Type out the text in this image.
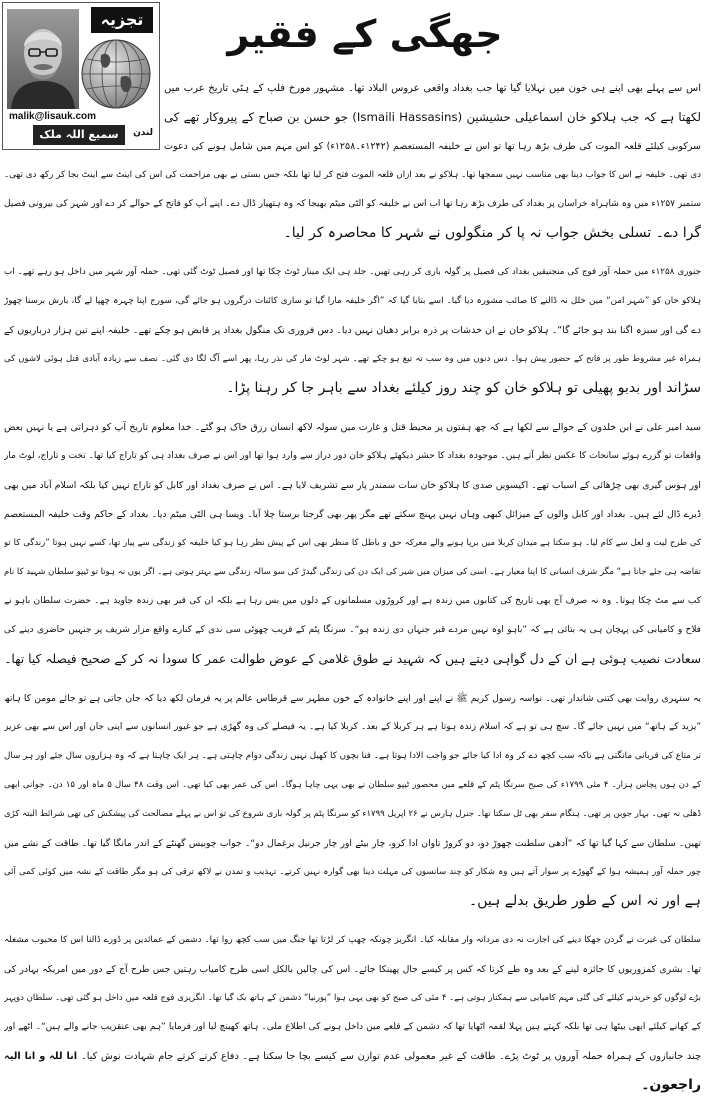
تجزیہ
malik@lisauk.com
سمیع اللہ ملک	لندن
جھگی کے فقیر
اس سے پہلے بھی اپنے ہی خون میں نہلایا گیا تھا جب بغداد واقعی عروس البلاد تھا۔ مشہور مورخ فلپ کے ہٹی تاریخ عرب میں
لکھتا ہے کہ جب ہلاکو خان اسماعیلی حشیشین (Ismaili Hassasins) جو حسن بن صباح کے پیروکار تھے کی
سرکوبی کیلئے قلعہ الموت کی طرف بڑھ رہا تھا تو اس نے خلیفہ المستعصم (۱۲۴۲ء۔۱۲۵۸ء) کو اس مہم میں شامل ہونے کی دعوت
دی تھی۔ خلیفہ نے اس کا جواب دینا بھی مناسب نہیں سمجھا تھا۔ ہلاکو نے بعد ازاں قلعہ الموت فتح کر لیا تھا بلکہ جس بستی نے بھی مزاحمت کی اس کی اینٹ سے اینٹ بجا کر رکھ دی تھی۔
ستمبر ۱۲۵۷ء میں وہ شاہراہ خراسان پر بغداد کی طرف بڑھ رہا تھا اب اس نے خلیفہ کو الٹی میٹم بھیجا کہ وہ ہتھیار ڈال دے۔ اپنے آپ کو فاتح کے حوالے کر دے اور شہر کی بیرونی فصیل
گرا دے۔ تسلی بخش جواب نہ پا کر منگولوں نے شہر کا محاصرہ کر لیا۔
جنوری ۱۲۵۸ء میں حملہ آور فوج کی منجنیقیں بغداد کی فصیل پر گولہ باری کر رہی تھیں۔ جلد ہی ایک مینار ٹوٹ چکا تھا اور فصیل ٹوٹ گئی تھی۔ حملہ آور شہر میں داخل ہو رہے تھے۔ اب
ہلاکو خان کو ”شہر امن“ میں خلل نہ ڈالنے کا صائب مشورہ دیا گیا۔ اسے بتایا گیا کہ ”اگر خلیفہ مارا گیا تو ساری کائنات درگروں ہو جائے گی، سورج اپنا چہرہ چھپا لے گا، بارش برسنا چھوڑ
دے گی اور سبزہ اگنا بند ہو جائے گا“۔ ہلاکو خان نے ان خدشات پر ذرہ برابر دھیان نہیں دیا۔ دس فروری تک منگول بغداد پر قابض ہو چکے تھے۔ خلیفہ اپنے تین ہزار درباریوں کے
ہمراہ غیر مشروط طور پر فاتح کے حضور پیش ہوا۔ دس دنوں میں وہ سب تہ تیغ ہو چکے تھے۔ شہر لوٹ مار کی نذر رہا، پھر اسے آگ لگا دی گئی۔ نصف سے زیادہ آبادی قتل ہوئی لاشوں کی
سڑاند اور بدبو پھیلی تو ہلاکو خان کو چند روز کیلئے بغداد سے باہر جا کر رہنا پڑا۔
سید امیر علی نے ابن خلدون کے حوالے سے لکھا ہے کہ چھ ہفتوں پر محیط قتل و غارت میں سولہ لاکھ انسان رزق خاک ہو گئے۔ خدا معلوم تاریخ آپ کو دہراتی ہے یا نہیں بعض
واقعات تو گزرے ہوئے سانحات کا عکس نظر آتے ہیں۔ موجودہ بغداد کا حشر دیکھئے ہلاکو خان دور دراز سے وارد ہوا تھا اور اس نے صرف بغداد ہی کو تاراج کیا تھا۔ تخت و تاراج، لوٹ مار
اور ہوس گیری بھی چڑھائی کے اسباب تھے۔ اکیسویں صدی کا ہلاکو خان سات سمندر پار سے تشریف لایا ہے۔ اس نے صرف بغداد اور کابل کو تاراج نہیں کیا بلکہ اسلام آباد میں بھی
ڈیرے ڈال لئے ہیں۔ بغداد اور کابل والوں کے میزائل کبھی وہاں نہیں پہنچ سکتے تھے مگر پھر بھی گرجتا برستا چلا آیا۔ ویسا ہی الٹی میٹم دیا۔ بغداد کے حاکم وقت خلیفہ المستعصم
کی طرح لیت و لعل سے کام لیا۔ ہو سکتا ہے میدان کربلا میں برپا ہونے والے معرکہ حق و باطل کا منظر بھی اس کے پیش نظر رہا ہو کیا خلیفہ کو زندگی سے پیار تھا، کسے نہیں ہوتا ”زندگی کا تو
تقاضہ ہی جئے جانا ہے“ مگر شرف انسانی کا اپنا معیار ہے۔ اسی کی میزان میں شیر کی ایک دن کی زندگی گیدڑ کی سو سالہ زندگی سے بہتر ہوتی ہے۔ اگر یوں نہ ہوتا تو ٹیپو سلطان شہید کا نام
کب سے مٹ چکا ہوتا۔ وہ نہ صرف آج بھی تاریخ کی کتابوں میں زندہ ہے اور کروڑوں مسلمانوں کے دلوں میں بس رہا ہے بلکہ ان کی قبر بھی زندہ جاوید ہے۔ حضرت سلطان باہو نے
فلاح و کامیابی کی پہچان ہی یہ بتائی ہے کہ ”باہو اوہ نہیں مردے قبر جنہاں دی زندہ ہو“۔ سرنگا پٹم کے قریب چھوٹی سی ندی کے کنارے واقع مزار شریف پر جنہیں حاضری دینے کی
سعادت نصیب ہوئی ہے ان کے دل گواہی دیتے ہیں کہ شہید نے طوق غلامی کے عوض طوالت عمر کا سودا نہ کر کے صحیح فیصلہ کیا تھا۔
یہ سنہری روایت بھی کتنی شاندار تھی۔ نواسہ رسول کریم ﷺ نے اپنے اور اپنے خانوادہ کے خون مطہر سے قرطاس عالم پر یہ فرمان لکھ دیا کہ جان جاتی ہے تو جائے مومن کا ہاتھ
”یزید کے ہاتھ“ میں نہیں جائے گا۔ سچ ہی تو ہے کہ اسلام زندہ ہوتا ہے ہر کربلا کے بعد۔ کربلا کیا ہے۔ یہ فیصلے کی وہ گھڑی ہے جو غیور انسانوں سے اپنی جان اور اس سے بھی عزیز
تر متاع کی قربانی مانگتی ہے تاکہ سب کچھ دے کر وہ ادا کیا جائے جو واجب الادا ہوتا ہے۔ فنا بچوں کا کھیل نہیں زندگی دوام چاہتی ہے۔ ہر ایک چاہتا ہے کہ وہ ہزاروں سال جئے اور ہر سال
کے دن ہوں پچاس ہزار۔ ۴ مئی ۱۷۹۹ء کی صبح سرنگا پٹم کے قلعے میں محصور ٹیپو سلطان نے بھی یہی چاہا ہوگا۔ اس کی عمر بھی کیا تھی۔ اس وقت ۴۸ سال ۵ ماہ اور ۱۵ دن۔ جوانی ابھی
ڈھلی نہ تھی۔ بہار جوبن پر تھی۔ ہنگام سفر بھی ٹل سکتا تھا۔ جنرل ہارس نے ۲۶ اپریل ۱۷۹۹ء کو سرنگا پٹم پر گولہ باری شروع کی تو اس نے پہلے مصالحت کی پیشکش کی تھی شرائط البتہ کڑی
تھیں۔ سلطان سے کہا گیا تھا کہ ”آدھی سلطنت چھوڑ دو، دو کروڑ تاوان ادا کرو، چار بیٹے اور چار جرنیل یرغمال دو“۔ جواب چوبیس گھنٹے کے اندر مانگا گیا تھا۔ طاقت کے نشے میں
چور حملہ آور ہمیشہ ہوا کے گھوڑے پر سوار آتے ہیں وہ شکار کو چند سانسوں کی مہلت دینا بھی گوارہ نہیں کرتے۔ تہذیب و تمدن نے لاکھ ترقی کی ہو مگر طاقت کے نشہ میں کوئی کمی آئی
ہے اور نہ اس کے طور طریق بدلے ہیں۔
سلطان کی غیرت نے گردن جھکا دینے کی اجازت نہ دی مردانہ وار مقابلہ کیا۔ انگریز چونکہ چھپ کر لڑتا تھا جنگ میں سب کچھ روا تھا۔ دشمن کے عمائدین پر ڈورے ڈالنا اس کا محبوب مشغلہ
تھا۔ بشری کمزوریوں کا جائزہ لینے کے بعد وہ طے کرتا کہ کس پر کیسے جال پھینکا جائے۔ اس کی چالیں بالکل اسی طرح کامیاب رہتیں جس طرح آج کے دور میں امریکہ بہادر کی
بڑے لوگوں کو خریدنے کیلئے کی گئی مہم کامیابی سے ہمکنار ہوتی ہے۔ ۴ مئی کی صبح کو بھی یہی ہوا ”پورنیا“ دشمن کے ہاتھ بک گیا تھا۔ انگریزی فوج قلعہ میں داخل ہو گئی تھی۔ سلطان دوپہر
کے کھانے کیلئے ابھی بیٹھا ہی تھا بلکہ کہتے ہیں پہلا لقمہ اٹھایا تھا کہ دشمن کے قلعے میں داخل ہونے کی اطلاع ملی۔ ہاتھ کھینچ لیا اور فرمایا ”ہم بھی عنقریب جانے والے ہیں“۔ اٹھے اور
چند جانبازوں کے ہمراہ حملہ آوروں پر ٹوٹ پڑے۔ طاقت کے غیر معمولی عدم توازن سے کیسے بچا جا سکتا ہے۔ دفاع کرتے کرتے جام شہادت نوش کیا۔ انا للہ و انا الیہ
راجعون۔
